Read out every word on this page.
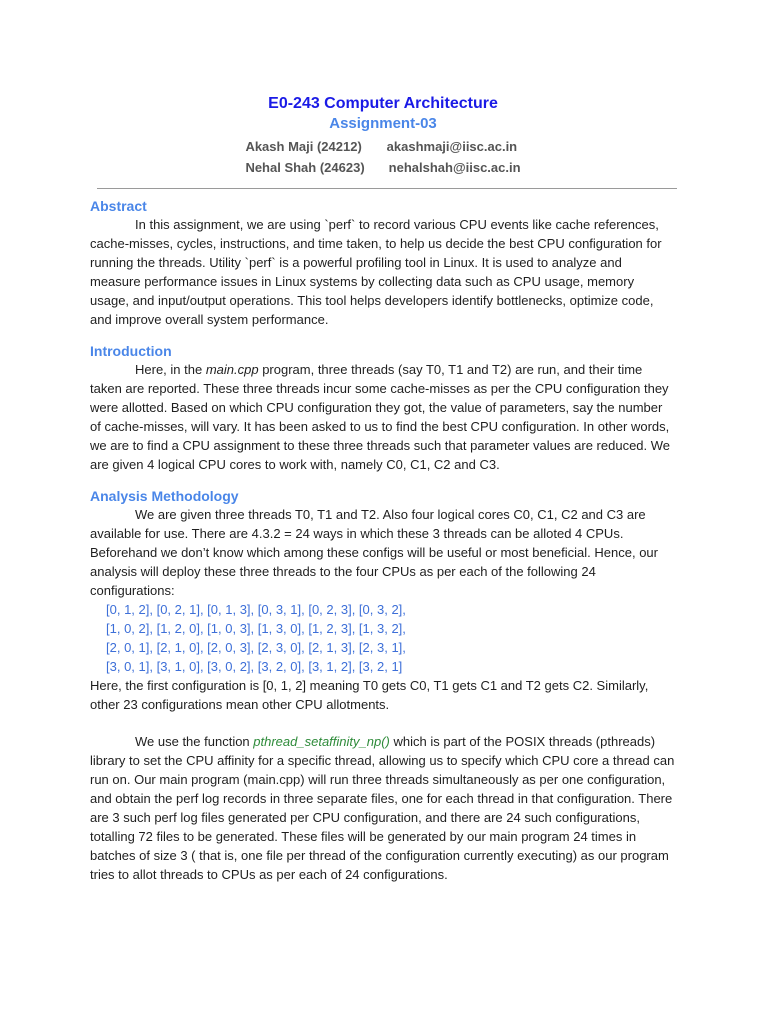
E0-243 Computer Architecture
Assignment-03
Akash Maji (24212)
Nehal Shah (24623)
akashmaji@iisc.ac.in
nehalshah@iisc.ac.in
Abstract

In this assignment, we are using `perf` to record various CPU events like cache references, cache-misses, cycles, instructions, and time taken, to help us decide the best CPU configuration for running the threads. Utility `perf` is a powerful profiling tool in Linux. It is used to analyze and measure performance issues in Linux systems by collecting data such as CPU usage, memory usage, and input/output operations. This tool helps developers identify bottlenecks, optimize code, and improve overall system performance.

Introduction

Here, in the main.cpp program, three threads (say T0, T1 and T2) are run, and their time taken are reported. These three threads incur some cache-misses as per the CPU configuration they were allotted. Based on which CPU configuration they got, the value of parameters, say the number of cache-misses, will vary. It has been asked to us to find the best CPU configuration. In other words, we are to find a CPU assignment to these three threads such that parameter values are reduced. We are given 4 logical CPU cores to work with, namely C0, C1, C2 and C3.

Analysis Methodology

We are given three threads T0, T1 and T2. Also four logical cores C0, C1, C2 and C3 are available for use. There are 4.3.2 = 24 ways in which these 3 threads can be alloted 4 CPUs. Beforehand we don’t know which among these configs will be useful or most beneficial. Hence, our analysis will deploy these three threads to the four CPUs as per each of the following 24 configurations:

[0, 1, 2], [0, 2, 1], [0, 1, 3], [0, 3, 1], [0, 2, 3], [0, 3, 2],
[1, 0, 2], [1, 2, 0], [1, 0, 3], [1, 3, 0], [1, 2, 3], [1, 3, 2],
[2, 0, 1], [2, 1, 0], [2, 0, 3], [2, 3, 0], [2, 1, 3], [2, 3, 1],
[3, 0, 1], [3, 1, 0], [3, 0, 2], [3, 2, 0], [3, 1, 2], [3, 2, 1]

Here, the first configuration is [0, 1, 2] meaning T0 gets C0, T1 gets C1 and T2 gets C2. Similarly, other 23 configurations mean other CPU allotments.

We use the function pthread_setaffinity_np() which is part of the POSIX threads (pthreads) library to set the CPU affinity for a specific thread, allowing us to specify which CPU core a thread can run on. Our main program (main.cpp) will run three threads simultaneously as per one configuration, and obtain the perf log records in three separate files, one for each thread in that configuration. There are 3 such perf log files generated per CPU configuration, and there are 24 such configurations, totalling 72 files to be generated. These files will be generated by our main program 24 times in batches of size 3 ( that is, one file per thread of the configuration currently executing) as our program tries to allot threads to CPUs as per each of 24 configurations.
